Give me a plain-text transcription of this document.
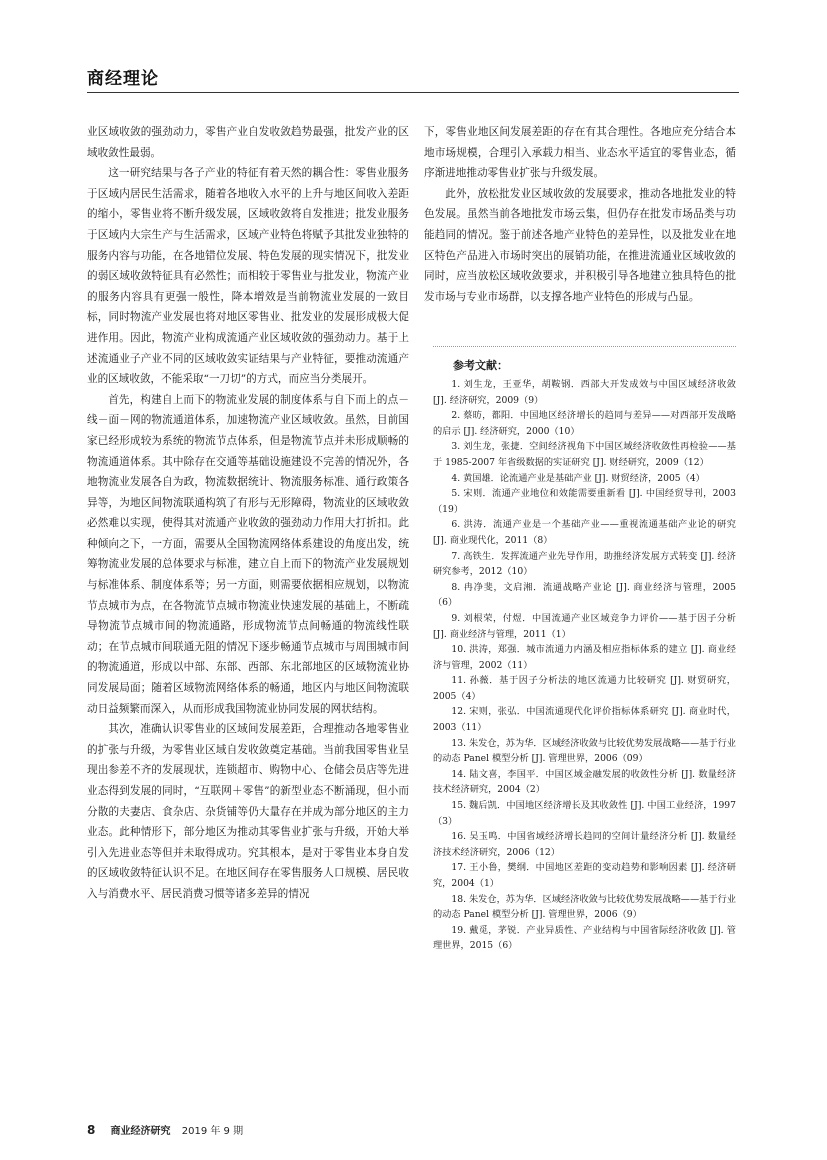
商经理论

业区域收敛的强劲动力，零售产业自发收敛趋势最强，批发产业的区域收敛性最弱。

这一研究结果与各子产业的特征有着天然的耦合性：零售业服务于区域内居民生活需求，随着各地收入水平的上升与地区间收入差距的缩小，零售业将不断升级发展，区域收敛将自发推进；批发业服务于区域内大宗生产与生活需求，区域产业特色将赋予其批发业独特的服务内容与功能，在各地错位发展、特色发展的现实情况下，批发业的弱区域收敛特征具有必然性；而相较于零售业与批发业，物流产业的服务内容具有更强一般性，降本增效是当前物流业发展的一致目标，同时物流产业发展也将对地区零售业、批发业的发展形成极大促进作用。因此，物流产业构成流通产业区域收敛的强劲动力。基于上述流通业子产业不同的区域收敛实证结果与产业特征，要推动流通产业的区域收敛，不能采取“一刀切”的方式，而应当分类展开。

首先，构建自上而下的物流业发展的制度体系与自下而上的点－线－面－网的物流通道体系，加速物流产业区域收敛。虽然，目前国家已经形成较为系统的物流节点体系，但是物流节点并未形成顺畅的物流通道体系。其中除存在交通等基础设施建设不完善的情况外，各地物流业发展各自为政，物流数据统计、物流服务标准、通行政策各异等，为地区间物流联通构筑了有形与无形障碍，物流业的区域收敛必然难以实现，使得其对流通产业收敛的强劲动力作用大打折扣。此种倾向之下，一方面，需要从全国物流网络体系建设的角度出发，统筹物流业发展的总体要求与标准，建立自上而下的物流产业发展规划与标准体系、制度体系等；另一方面，则需要依据相应规划，以物流节点城市为点，在各物流节点城市物流业快速发展的基础上，不断疏导物流节点城市间的物流通路，形成物流节点间畅通的物流线性联动；在节点城市间联通无阻的情况下逐步畅通节点城市与周围城市间的物流通道，形成以中部、东部、西部、东北部地区的区域物流业协同发展局面；随着区域物流网络体系的畅通，地区内与地区间物流联动日益频繁而深入，从而形成我国物流业协同发展的网状结构。

其次，准确认识零售业的区域间发展差距，合理推动各地零售业的扩张与升级，为零售业区域自发收敛奠定基础。当前我国零售业呈现出参差不齐的发展现状，连锁超市、购物中心、仓储会员店等先进业态得到发展的同时，“互联网＋零售”的新型业态不断涌现，但小而分散的夫妻店、食杂店、杂货铺等仍大量存在并成为部分地区的主力业态。此种情形下，部分地区为推动其零售业扩张与升级，开始大举引入先进业态等但并未取得成功。究其根本，是对于零售业本身自发的区域收敛特征认识不足。在地区间存在零售服务人口规模、居民收入与消费水平、居民消费习惯等诸多差异的情况

下，零售业地区间发展差距的存在有其合理性。各地应充分结合本地市场规模，合理引入承载力相当、业态水平适宜的零售业态，循序渐进地推动零售业扩张与升级发展。

此外，放松批发业区域收敛的发展要求，推动各地批发业的特色发展。虽然当前各地批发市场云集，但仍存在批发市场品类与功能趋同的情况。鉴于前述各地产业特色的差异性，以及批发业在地区特色产品进入市场时突出的展销功能，在推进流通业区域收敛的同时，应当放松区域收敛要求，并积极引导各地建立独具特色的批发市场与专业市场群，以支撑各地产业特色的形成与凸显。

参考文献：

1. 刘生龙，王亚华，胡鞍钢．西部大开发成效与中国区域经济收敛 [J]. 经济研究，2009（9）

2. 蔡昉，都阳．中国地区经济增长的趋同与差异——对西部开发战略的启示 [J]. 经济研究，2000（10）

3. 刘生龙，张捷．空间经济视角下中国区域经济收敛性再检验——基于 1985-2007 年省级数据的实证研究 [J]. 财经研究，2009（12）

4. 黄国雄．论流通产业是基础产业 [J]. 财贸经济，2005（4）

5. 宋则．流通产业地位和效能需要重新看 [J]. 中国经贸导刊，2003（19）

6. 洪涛．流通产业是一个基础产业——重视流通基础产业论的研究 [J]. 商业现代化，2011（8）

7. 高铁生．发挥流通产业先导作用，助推经济发展方式转变 [J]. 经济研究参考，2012（10）

8. 冉净斐，文启湘．流通战略产业论 [J]. 商业经济与管理，2005（6）

9. 刘根荣，付煜．中国流通产业区域竞争力评价——基于因子分析 [J]. 商业经济与管理，2011（1）

10. 洪涛，郑强．城市流通力内涵及相应指标体系的建立 [J]. 商业经济与管理，2002（11）

11. 孙薇．基于因子分析法的地区流通力比较研究 [J]. 财贸研究，2005（4）

12. 宋则，张弘．中国流通现代化评价指标体系研究 [J]. 商业时代，2003（11）

13. 朱发仓，苏为华．区域经济收敛与比较优势发展战略——基于行业的动态 Panel 模型分析 [J]. 管理世界，2006（09）

14. 陆文喜，李国平．中国区域金融发展的收敛性分析 [J]. 数量经济技术经济研究，2004（2）

15. 魏后凯．中国地区经济增长及其收敛性 [J]. 中国工业经济，1997（3）

16. 吴玉鸣．中国省域经济增长趋同的空间计量经济分析 [J]. 数量经济技术经济研究，2006（12）

17. 王小鲁，樊纲．中国地区差距的变动趋势和影响因素 [J]. 经济研究，2004（1）

18. 朱发仓，苏为华．区域经济收敛与比较优势发展战略——基于行业的动态 Panel 模型分析 [J]. 管理世界，2006（9）

19. 戴觅，茅锐．产业异质性、产业结构与中国省际经济收敛 [J]. 管理世界，2015（6）

8 商业经济研究 2019 年 9 期
